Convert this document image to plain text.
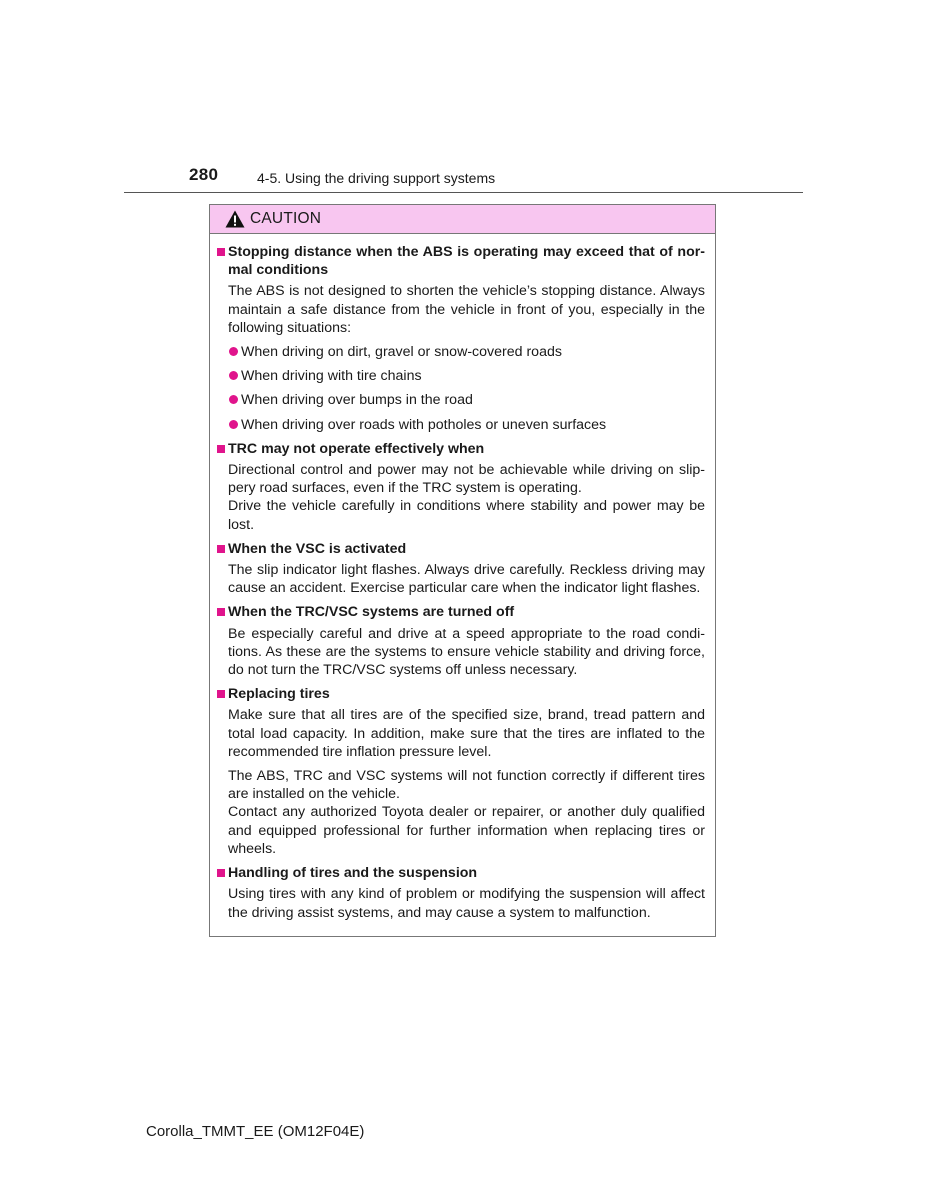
280	4-5. Using the driving support systems
CAUTION
Stopping distance when the ABS is operating may exceed that of nor-mal conditions
The ABS is not designed to shorten the vehicle’s stopping distance. Always maintain a safe distance from the vehicle in front of you, especially in the following situations:
When driving on dirt, gravel or snow-covered roads
When driving with tire chains
When driving over bumps in the road
When driving over roads with potholes or uneven surfaces
TRC may not operate effectively when
Directional control and power may not be achievable while driving on slip-pery road surfaces, even if the TRC system is operating.
Drive the vehicle carefully in conditions where stability and power may be lost.
When the VSC is activated
The slip indicator light flashes. Always drive carefully. Reckless driving may cause an accident. Exercise particular care when the indicator light flashes.
When the TRC/VSC systems are turned off
Be especially careful and drive at a speed appropriate to the road condi-tions. As these are the systems to ensure vehicle stability and driving force, do not turn the TRC/VSC systems off unless necessary.
Replacing tires
Make sure that all tires are of the specified size, brand, tread pattern and total load capacity. In addition, make sure that the tires are inflated to the recommended tire inflation pressure level.
The ABS, TRC and VSC systems will not function correctly if different tires are installed on the vehicle.
Contact any authorized Toyota dealer or repairer, or another duly qualified and equipped professional for further information when replacing tires or wheels.
Handling of tires and the suspension
Using tires with any kind of problem or modifying the suspension will affect the driving assist systems, and may cause a system to malfunction.
Corolla_TMMT_EE (OM12F04E)
